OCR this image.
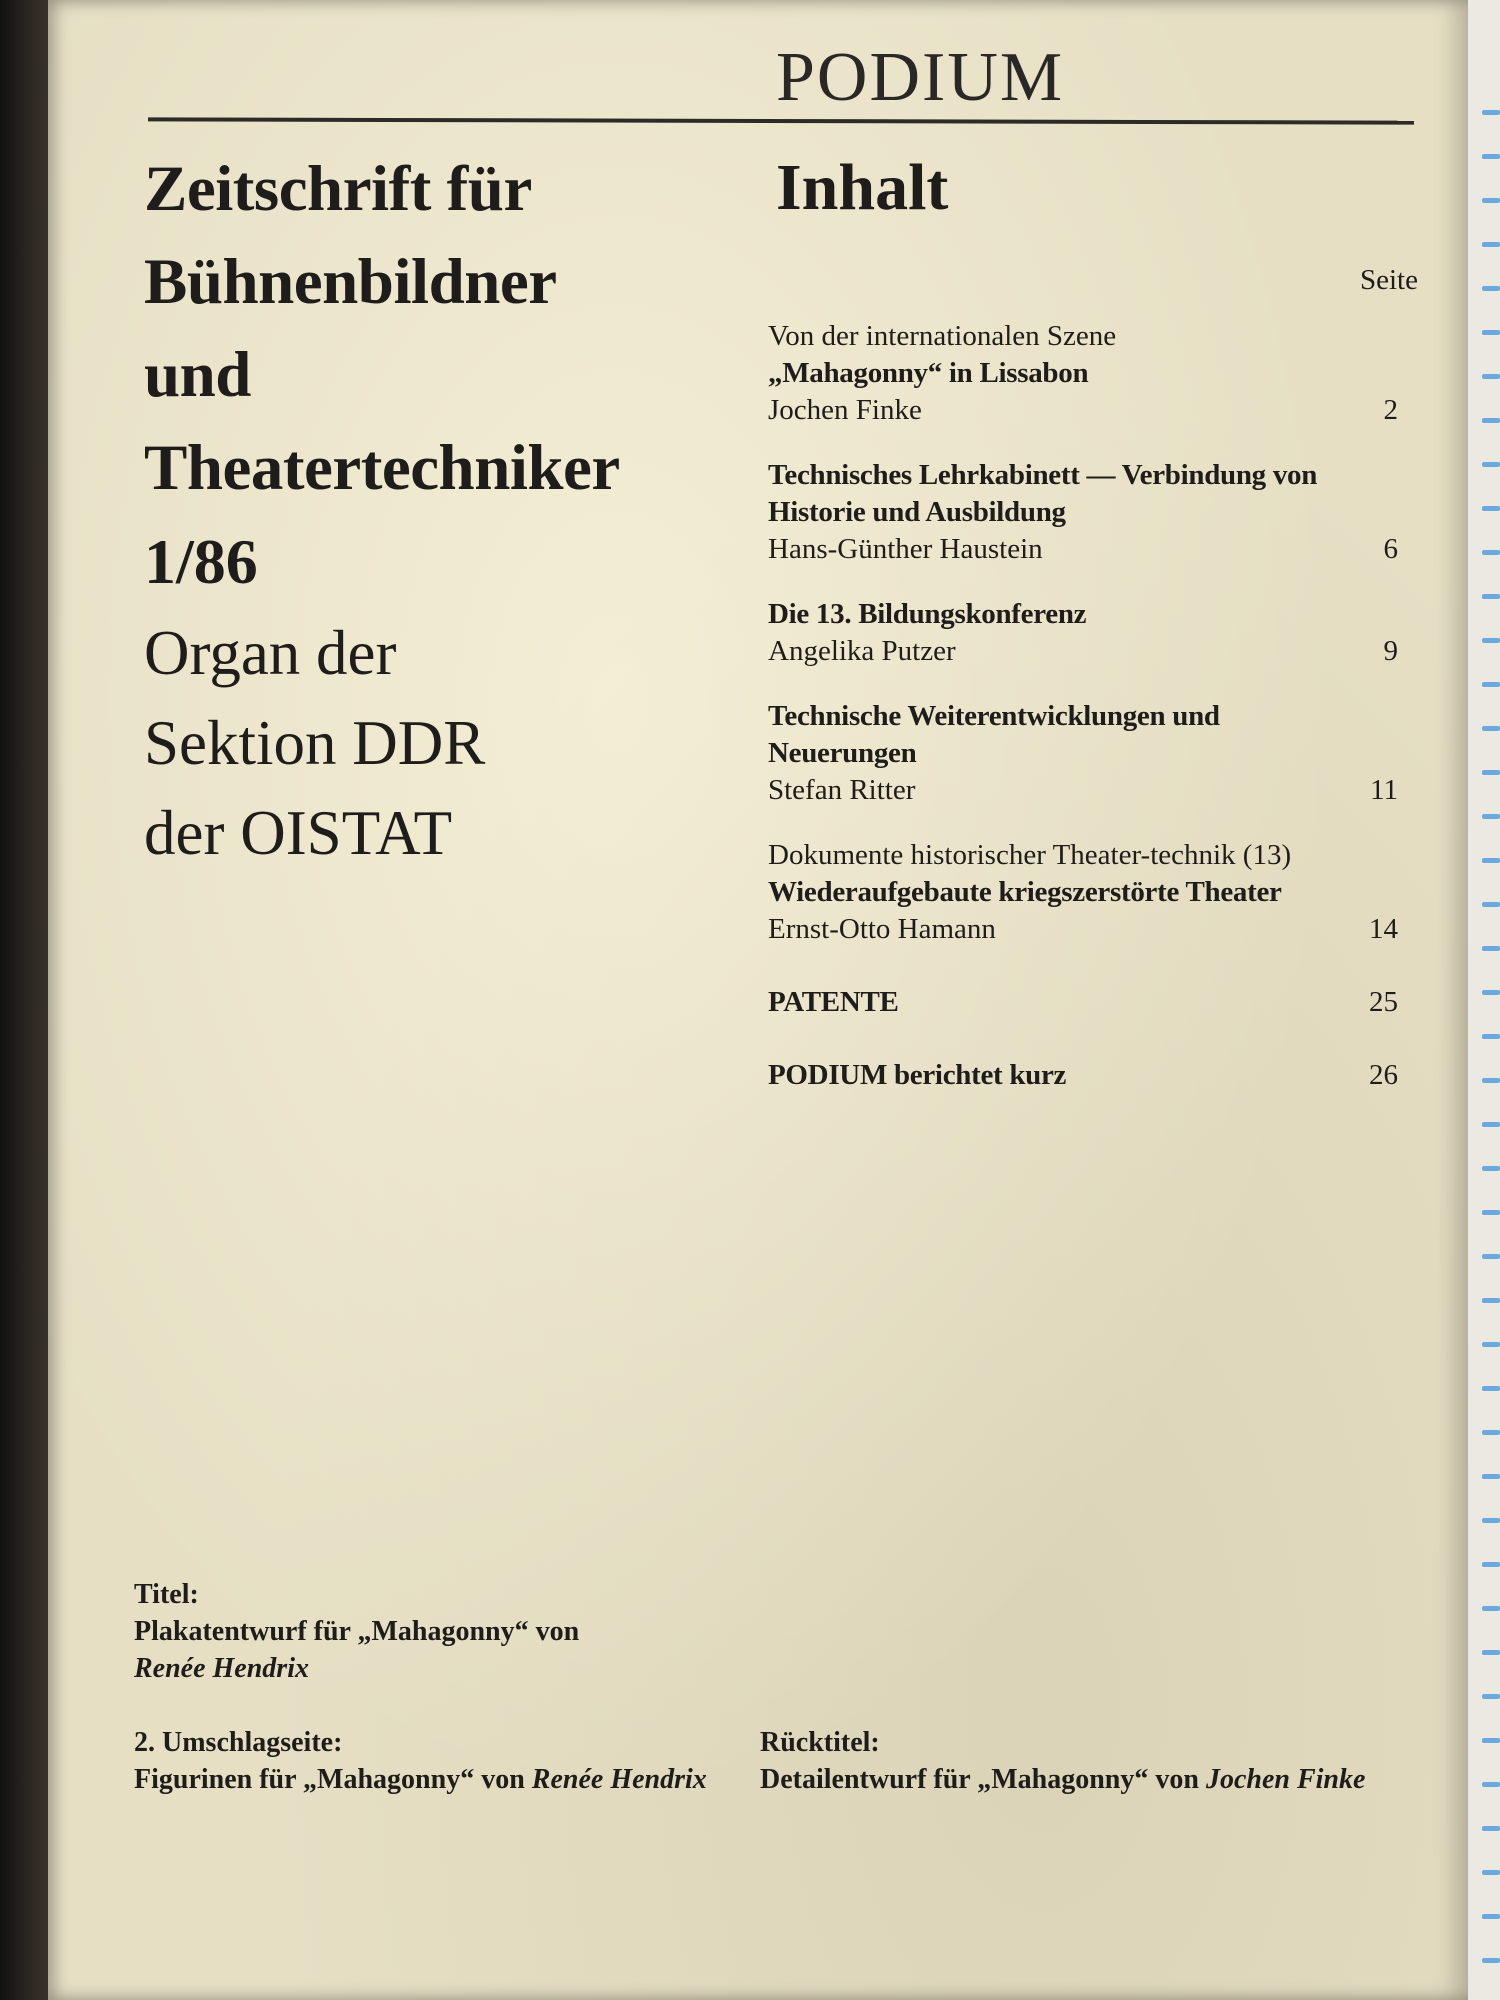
PODIUM

Zeitschrift für

Bühnenbildner

und

Theatertechniker

1/86

Organ der

Sektion DDR

der OISTAT

Inhalt
Seite
Von der internationalen Szene
„Mahagonny“ in Lissabon
Jochen Finke	2
Technisches Lehrkabinett — Verbindung von Historie und Ausbildung
Hans-Günther Haustein	6
Die 13. Bildungskonferenz
Angelika Putzer	9
Technische Weiterentwicklungen und Neuerungen
Stefan Ritter	11
Dokumente historischer Theater-technik (13)
Wiederaufgebaute kriegszerstörte Theater
Ernst-Otto Hamann	14
PATENTE	25
PODIUM berichtet kurz	26
Titel:
Plakatentwurf für „Mahagonny“ von
Renée Hendrix
2. Umschlagseite:
Figurinen für „Mahagonny“ von Renée Hendrix
Rücktitel:
Detailentwurf für „Mahagonny“ von Jochen Finke
